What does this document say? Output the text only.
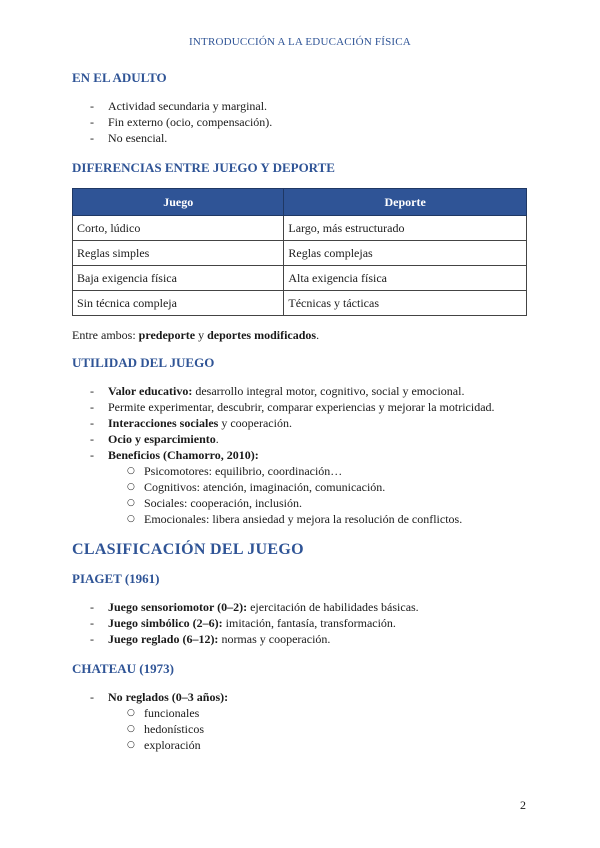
INTRODUCCIÓN A LA EDUCACIÓN FÍSICA
EN EL ADULTO
- Actividad secundaria y marginal.
- Fin externo (ocio, compensación).
- No esencial.
DIFERENCIAS ENTRE JUEGO Y DEPORTE
Juego	Deporte
Corto, lúdico	Largo, más estructurado
Reglas simples	Reglas complejas
Baja exigencia física	Alta exigencia física
Sin técnica compleja	Técnicas y tácticas

Entre ambos: predeporte y deportes modificados.

UTILIDAD DEL JUEGO
- Valor educativo: desarrollo integral motor, cognitivo, social y emocional.
- Permite experimentar, descubrir, comparar experiencias y mejorar la motricidad.
- Interacciones sociales y cooperación.
- Ocio y esparcimiento.
- Beneficios (Chamorro, 2010):
○ Psicomotores: equilibrio, coordinación…
○ Cognitivos: atención, imaginación, comunicación.
○ Sociales: cooperación, inclusión.
○ Emocionales: libera ansiedad y mejora la resolución de conflictos.
CLASIFICACIÓN DEL JUEGO
PIAGET (1961)
- Juego sensoriomotor (0–2): ejercitación de habilidades básicas.
- Juego simbólico (2–6): imitación, fantasía, transformación.
- Juego reglado (6–12): normas y cooperación.
CHATEAU (1973)
- No reglados (0–3 años):
○ funcionales
○ hedonísticos
○ exploración
2
